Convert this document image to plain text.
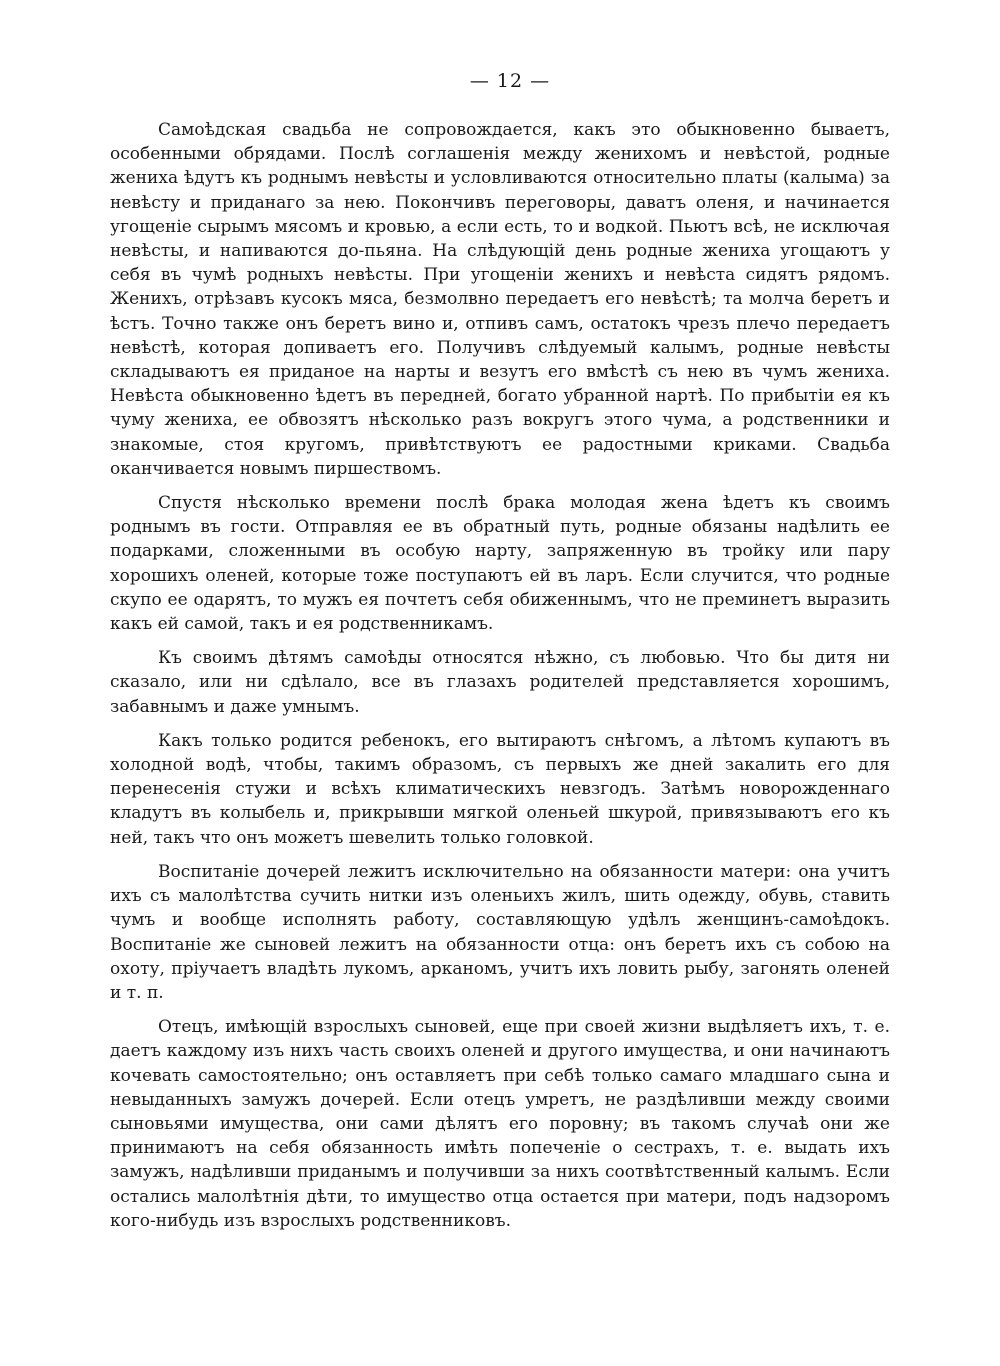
— 12 —

Самоѣдская свадьба не сопровождается, какъ это обыкновенно бываетъ, особенными обрядами. Послѣ соглашенія между женихомъ и невѣстой, родные жениха ѣдутъ къ роднымъ невѣсты и условливаются относительно платы (калыма) за невѣсту и приданаго за нею. Покончивъ переговоры, даватъ оленя, и начинается угощеніе сырымъ мясомъ и кровью, а если есть, то и водкой. Пьютъ всѣ, не исключая невѣсты, и напиваются до-пьяна. На слѣдующій день родные жениха угощаютъ у себя въ чумѣ родныхъ невѣсты. При угощеніи женихъ и невѣста сидятъ рядомъ. Женихъ, отрѣзавъ кусокъ мяса, безмолвно передаетъ его невѣстѣ; та молча беретъ и ѣстъ. Точно также онъ беретъ вино и, отпивъ самъ, остатокъ чрезъ плечо передаетъ невѣстѣ, которая допиваетъ его. Получивъ слѣдуемый калымъ, родные невѣсты складываютъ ея приданое на нарты и везутъ его вмѣстѣ съ нею въ чумъ жениха. Невѣста обыкновенно ѣдетъ въ передней, богато убранной нартѣ. По прибытіи ея къ чуму жениха, ее обвозятъ нѣсколько разъ вокругъ этого чума, а родственники и знакомые, стоя кругомъ, привѣтствуютъ ее радостными криками. Свадьба оканчивается новымъ пиршествомъ.

Спустя нѣсколько времени послѣ брака молодая жена ѣдетъ къ своимъ роднымъ въ гости. Отправляя ее въ обратный путь, родные обязаны надѣлить ее подарками, сложенными въ особую нарту, запряженную въ тройку или пару хорошихъ оленей, которые тоже поступаютъ ей въ ларъ. Если случится, что родные скупо ее одарятъ, то мужъ ея почтетъ себя обиженнымъ, что не преминетъ выразить какъ ей самой, такъ и ея родственникамъ.

Къ своимъ дѣтямъ самоѣды относятся нѣжно, съ любовью. Что бы дитя ни сказало, или ни сдѣлало, все въ глазахъ родителей представляется хорошимъ, забавнымъ и даже умнымъ.

Какъ только родится ребенокъ, его вытираютъ снѣгомъ, а лѣтомъ купаютъ въ холодной водѣ, чтобы, такимъ образомъ, съ первыхъ же дней закалить его для перенесенія стужи и всѣхъ климатическихъ невзгодъ. Затѣмъ новорожденнаго кладутъ въ колыбель и, прикрывши мягкой оленьей шкурой, привязываютъ его къ ней, такъ что онъ можетъ шевелить только головкой.

Воспитаніе дочерей лежитъ исключительно на обязанности матери: она учитъ ихъ съ малолѣтства сучить нитки изъ оленьихъ жилъ, шить одежду, обувь, ставить чумъ и вообще исполнять работу, составляющую удѣлъ женщинъ-самоѣдокъ. Воспитаніе же сыновей лежитъ на обязанности отца: онъ беретъ ихъ съ собою на охоту, пріучаетъ владѣть лукомъ, арканомъ, учитъ ихъ ловить рыбу, загонять оленей и т. п.

Отецъ, имѣющій взрослыхъ сыновей, еще при своей жизни выдѣляетъ ихъ, т. е. даетъ каждому изъ нихъ часть своихъ оленей и другого имущества, и они начинаютъ кочевать самостоятельно; онъ оставляетъ при себѣ только самаго младшаго сына и невыданныхъ замужъ дочерей. Если отецъ умретъ, не раздѣливши между своими сыновьями имущества, они сами дѣлятъ его поровну; въ такомъ случаѣ они же принимаютъ на себя обязанность имѣть попеченіе о сестрахъ, т. е. выдать ихъ замужъ, надѣливши приданымъ и получивши за нихъ соотвѣтственный калымъ. Если остались малолѣтнія дѣти, то имущество отца остается при матери, подъ надзоромъ кого-нибудь изъ взрослыхъ родственниковъ.
